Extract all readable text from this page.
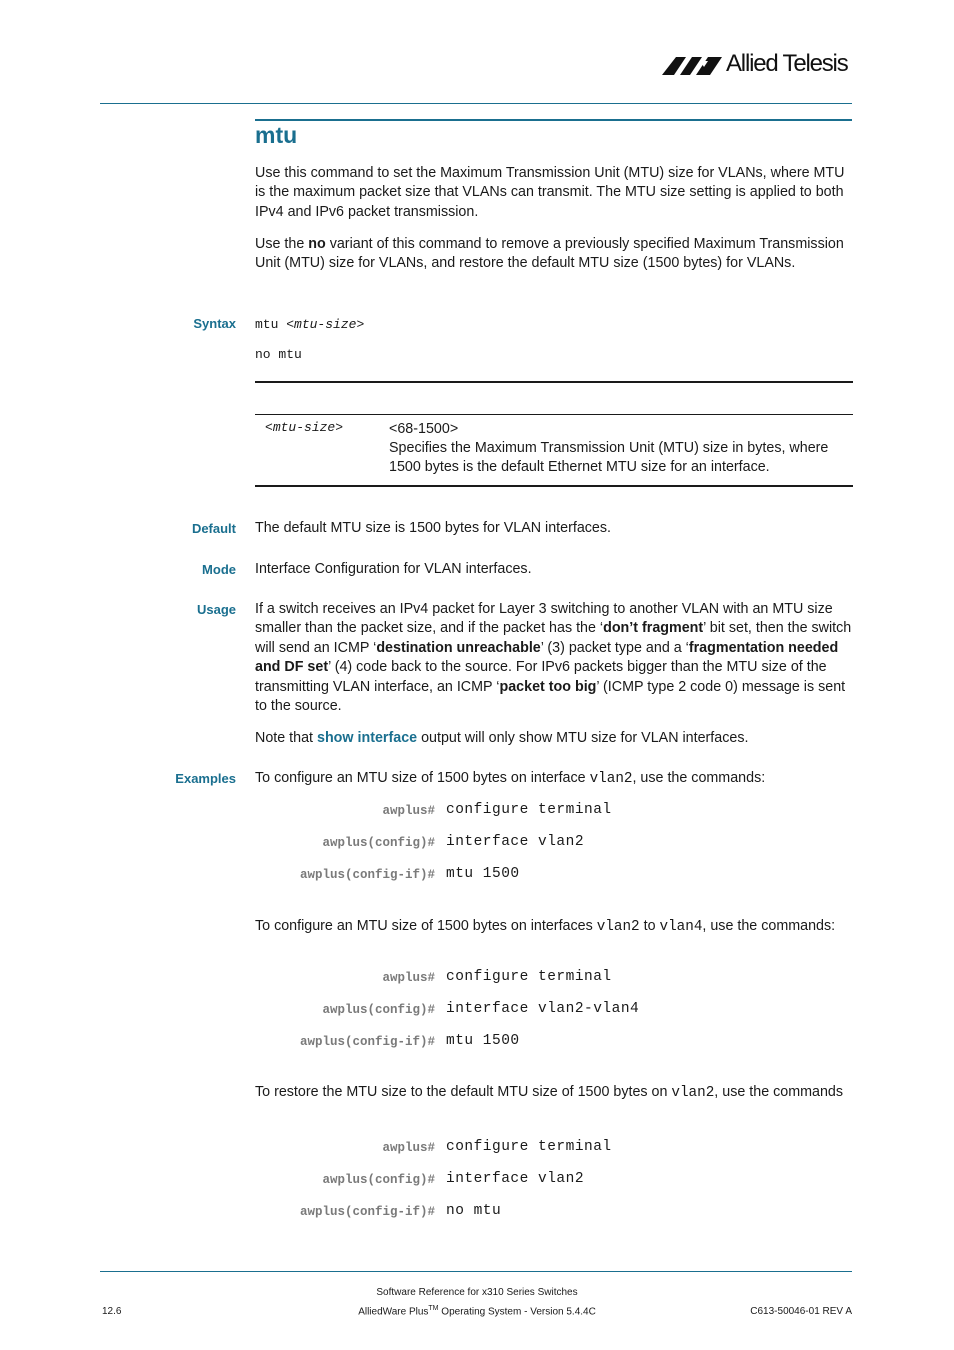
Allied Telesis
mtu
Use this command to set the Maximum Transmission Unit (MTU) size for VLANs, where MTU is the maximum packet size that VLANs can transmit. The MTU size setting is applied to both IPv4 and IPv6 packet transmission.
Use the no variant of this command to remove a previously specified Maximum Transmission Unit (MTU) size for VLANs, and restore the default MTU size (1500 bytes) for VLANs.
Syntax mtu <mtu-size>
no mtu
<mtu-size>	<68-1500>
Specifies the Maximum Transmission Unit (MTU) size in bytes, where 1500 bytes is the default Ethernet MTU size for an interface.
Default The default MTU size is 1500 bytes for VLAN interfaces.
Mode Interface Configuration for VLAN interfaces.
Usage If a switch receives an IPv4 packet for Layer 3 switching to another VLAN with an MTU size smaller than the packet size, and if the packet has the ‘don’t fragment’ bit set, then the switch will send an ICMP ‘destination unreachable’ (3) packet type and a ‘fragmentation needed and DF set’ (4) code back to the source. For IPv6 packets bigger than the MTU size of the transmitting VLAN interface, an ICMP ‘packet too big’ (ICMP type 2 code 0) message is sent to the source.
Note that show interface output will only show MTU size for VLAN interfaces.
Examples To configure an MTU size of 1500 bytes on interface vlan2, use the commands:
awplus# configure terminal
awplus(config)# interface vlan2
awplus(config-if)# mtu 1500
To configure an MTU size of 1500 bytes on interfaces vlan2 to vlan4, use the commands:
awplus# configure terminal
awplus(config)# interface vlan2-vlan4
awplus(config-if)# mtu 1500
To restore the MTU size to the default MTU size of 1500 bytes on vlan2, use the commands
awplus# configure terminal
awplus(config)# interface vlan2
awplus(config-if)# no mtu
Software Reference for x310 Series Switches
AlliedWare Plus™ Operating System - Version 5.4.4C
12.6	C613-50046-01 REV A
